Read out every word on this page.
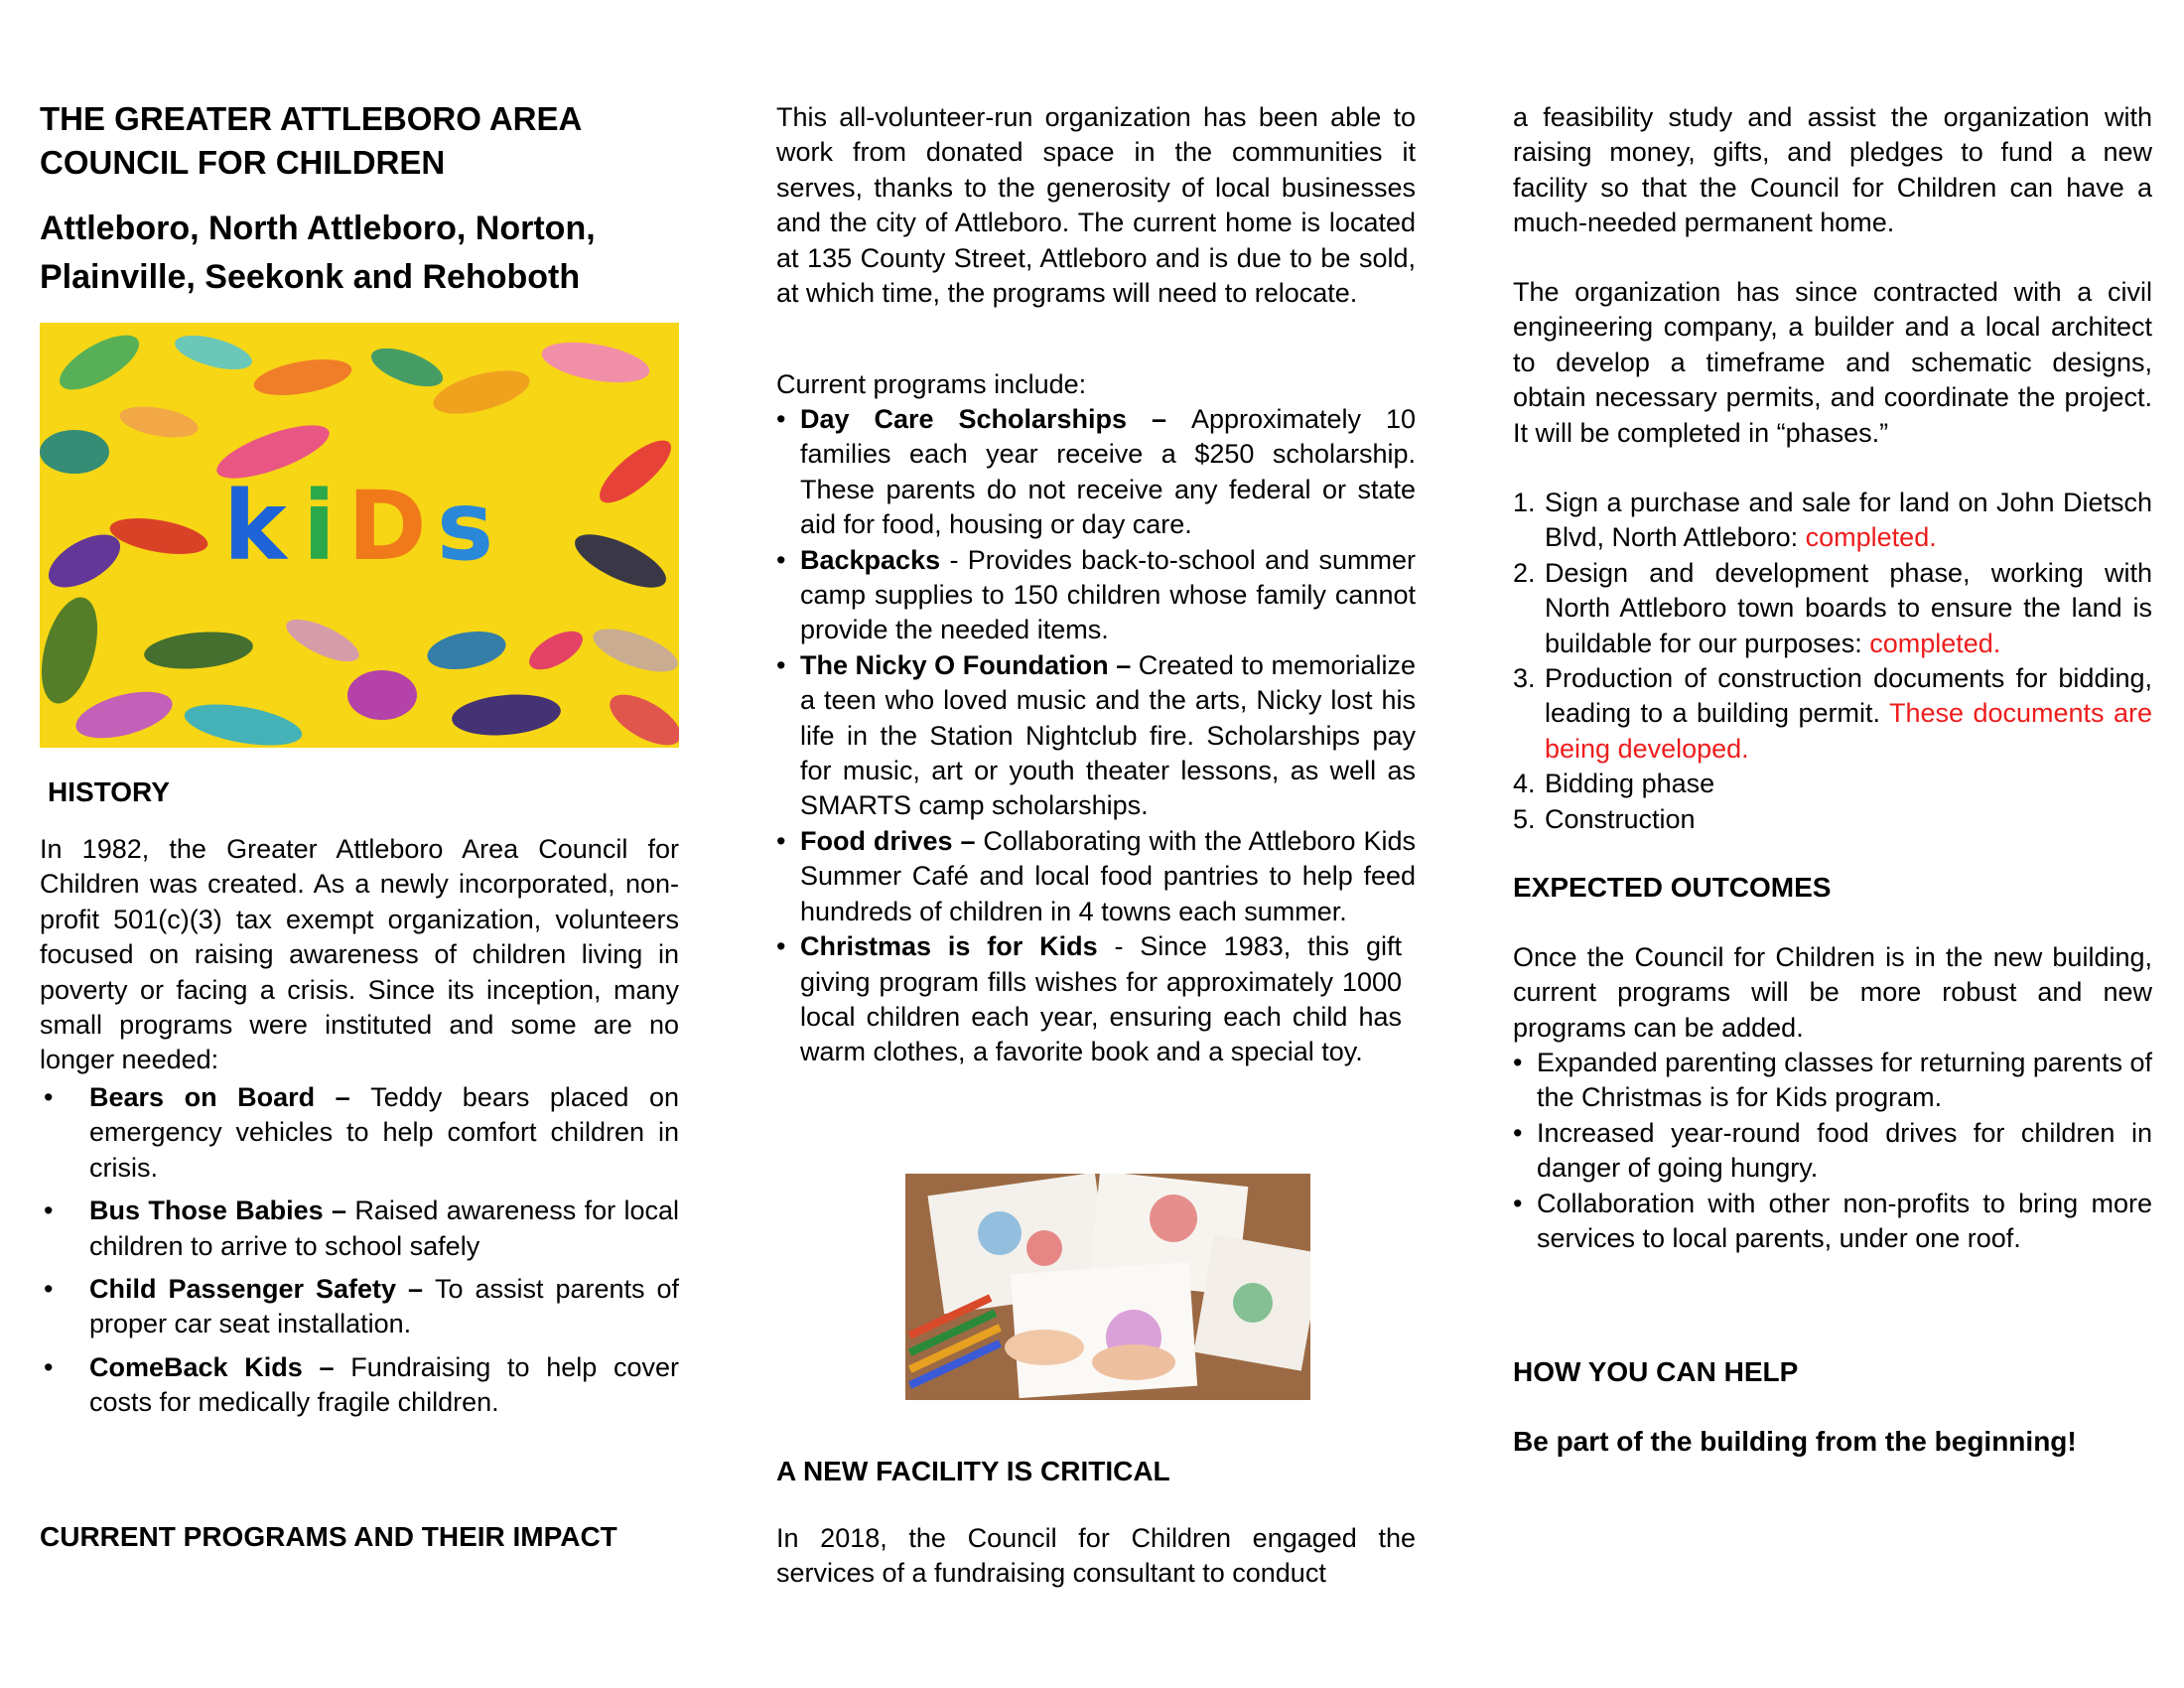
THE GREATER ATTLEBORO AREA COUNCIL FOR CHILDREN
Attleboro, North Attleboro, Norton, Plainville, Seekonk and Rehoboth
k i D s
HISTORY

In 1982, the Greater Attleboro Area Council for Children was created. As a newly incorporated, non-profit 501(c)(3) tax exempt organization, volunteers focused on raising awareness of children living in poverty or facing a crisis. Since its inception, many small programs were instituted and some are no longer needed:

• Bears on Board – Teddy bears placed on emergency vehicles to help comfort children in crisis.
• Bus Those Babies – Raised awareness for local children to arrive to school safely
• Child Passenger Safety – To assist parents of proper car seat installation.
• ComeBack Kids – Fundraising to help cover costs for medically fragile children.
CURRENT PROGRAMS AND THEIR IMPACT

This all-volunteer-run organization has been able to work from donated space in the communities it serves, thanks to the generosity of local businesses and the city of Attleboro. The current home is located at 135 County Street, Attleboro and is due to be sold, at which time, the programs will need to relocate.

Current programs include:

• Day Care Scholarships – Approximately 10 families each year receive a $250 scholarship. These parents do not receive any federal or state aid for food, housing or day care.
• Backpacks - Provides back-to-school and summer camp supplies to 150 children whose family cannot provide the needed items.
• The Nicky O Foundation – Created to memorialize a teen who loved music and the arts, Nicky lost his life in the Station Nightclub fire. Scholarships pay for music, art or youth theater lessons, as well as SMARTS camp scholarships.
• Food drives – Collaborating with the Attleboro Kids Summer Café and local food pantries to help feed hundreds of children in 4 towns each summer.
• Christmas is for Kids - Since 1983, this gift giving program fills wishes for approximately 1000 local children each year, ensuring each child has warm clothes, a favorite book and a special toy.
A NEW FACILITY IS CRITICAL

In 2018, the Council for Children engaged the services of a fundraising consultant to conduct

a feasibility study and assist the organization with raising money, gifts, and pledges to fund a new facility so that the Council for Children can have a much-needed permanent home.

The organization has since contracted with a civil engineering company, a builder and a local architect to develop a timeframe and schematic designs, obtain necessary permits, and coordinate the project. It will be completed in “phases.”

1. Sign a purchase and sale for land on John Dietsch Blvd, North Attleboro: completed.
2. Design and development phase, working with North Attleboro town boards to ensure the land is buildable for our purposes: completed.
3. Production of construction documents for bidding, leading to a building permit. These documents are being developed.
4. Bidding phase
5. Construction
EXPECTED OUTCOMES

Once the Council for Children is in the new building, current programs will be more robust and new programs can be added.

• Expanded parenting classes for returning parents of the Christmas is for Kids program.
• Increased year-round food drives for children in danger of going hungry.
• Collaboration with other non-profits to bring more services to local parents, under one roof.
HOW YOU CAN HELP
Be part of the building from the beginning!
